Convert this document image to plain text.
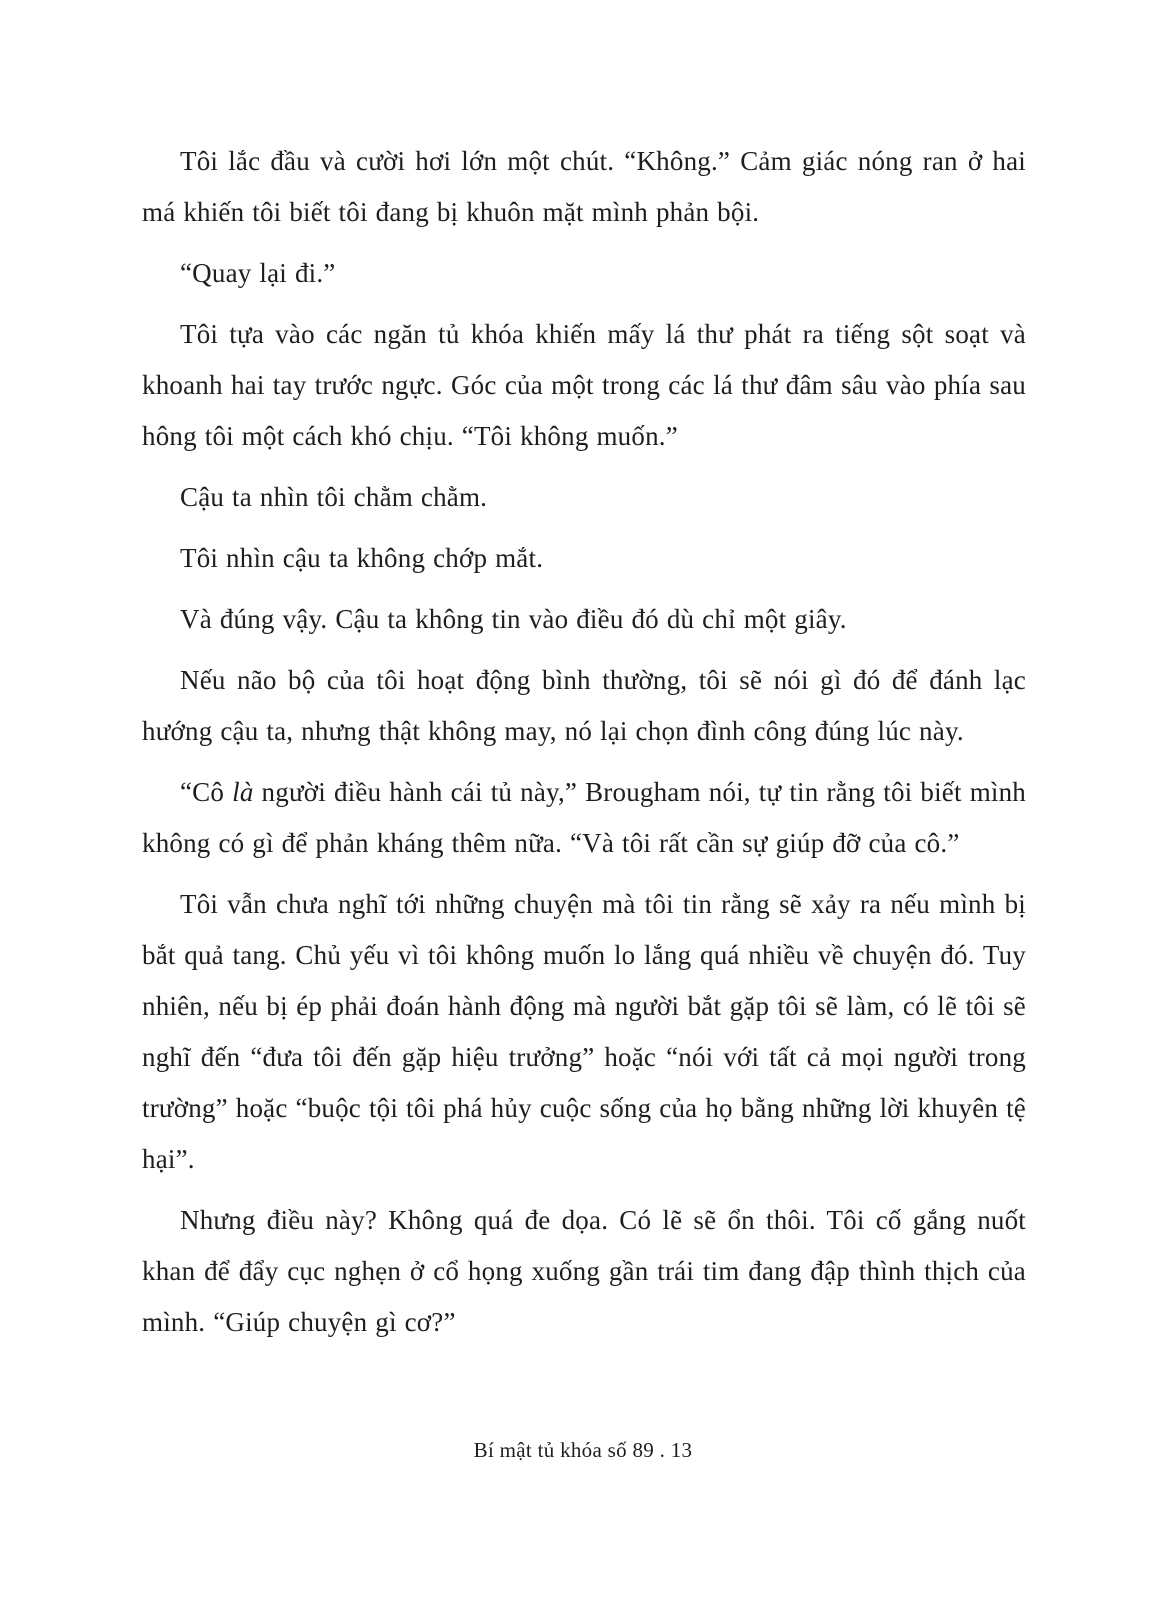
Tôi lắc đầu và cười hơi lớn một chút. “Không.” Cảm giác nóng ran ở hai má khiến tôi biết tôi đang bị khuôn mặt mình phản bội.

“Quay lại đi.”

Tôi tựa vào các ngăn tủ khóa khiến mấy lá thư phát ra tiếng sột soạt và khoanh hai tay trước ngực. Góc của một trong các lá thư đâm sâu vào phía sau hông tôi một cách khó chịu. “Tôi không muốn.”

Cậu ta nhìn tôi chằm chằm.

Tôi nhìn cậu ta không chớp mắt.

Và đúng vậy. Cậu ta không tin vào điều đó dù chỉ một giây.

Nếu não bộ của tôi hoạt động bình thường, tôi sẽ nói gì đó để đánh lạc hướng cậu ta, nhưng thật không may, nó lại chọn đình công đúng lúc này.

“Cô là người điều hành cái tủ này,” Brougham nói, tự tin rằng tôi biết mình không có gì để phản kháng thêm nữa. “Và tôi rất cần sự giúp đỡ của cô.”

Tôi vẫn chưa nghĩ tới những chuyện mà tôi tin rằng sẽ xảy ra nếu mình bị bắt quả tang. Chủ yếu vì tôi không muốn lo lắng quá nhiều về chuyện đó. Tuy nhiên, nếu bị ép phải đoán hành động mà người bắt gặp tôi sẽ làm, có lẽ tôi sẽ nghĩ đến “đưa tôi đến gặp hiệu trưởng” hoặc “nói với tất cả mọi người trong trường” hoặc “buộc tội tôi phá hủy cuộc sống của họ bằng những lời khuyên tệ hại”.

Nhưng điều này? Không quá đe dọa. Có lẽ sẽ ổn thôi. Tôi cố gắng nuốt khan để đẩy cục nghẹn ở cổ họng xuống gần trái tim đang đập thình thịch của mình. “Giúp chuyện gì cơ?”

Bí mật tủ khóa số 89 . 13
